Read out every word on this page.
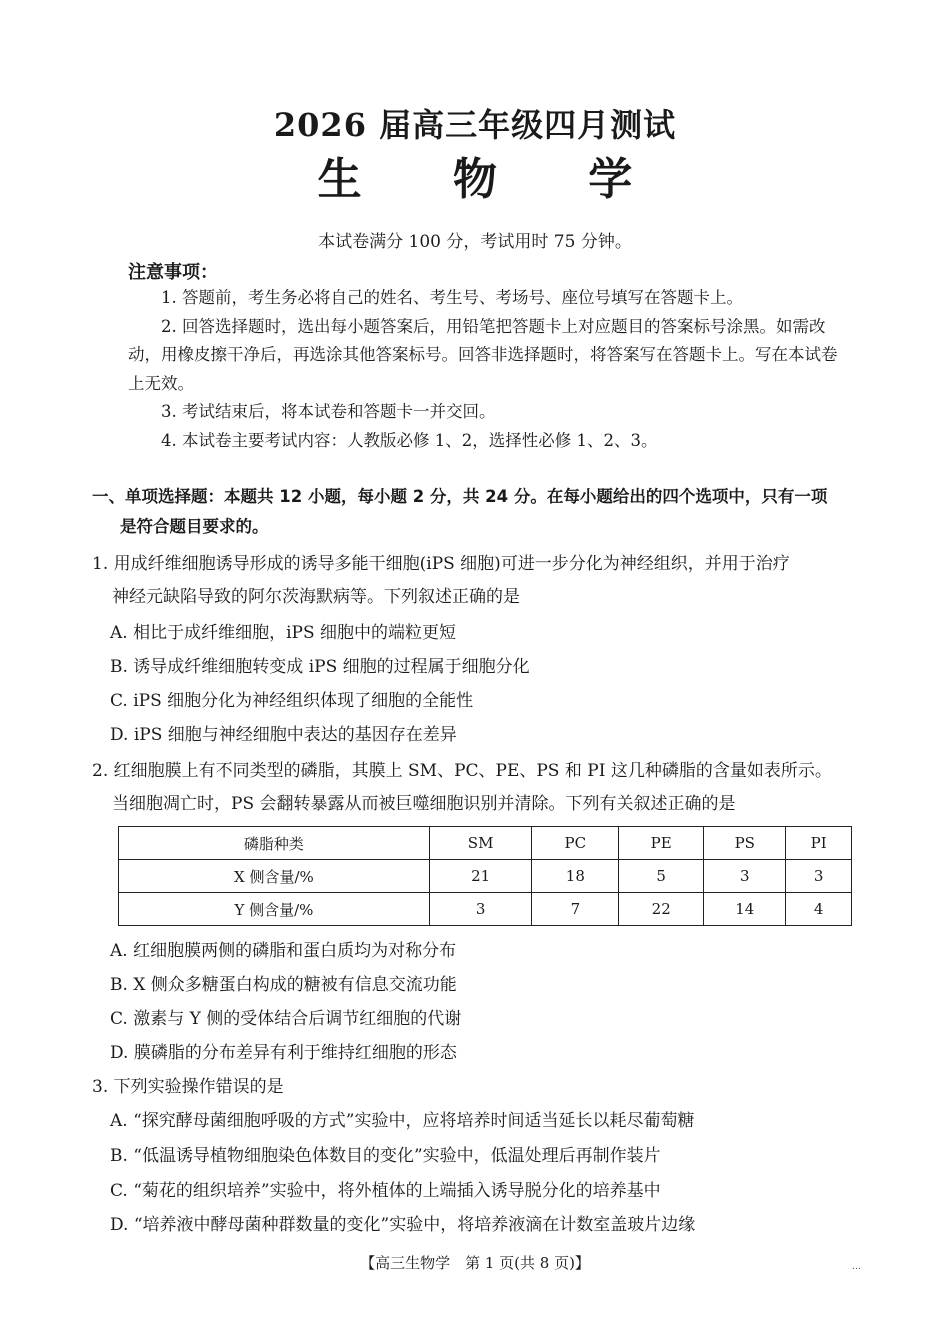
2026 届高三年级四月测试
生 物 学
本试卷满分 100 分，考试用时 75 分钟。
注意事项：

1. 答题前，考生务必将自己的姓名、考生号、考场号、座位号填写在答题卡上。

2. 回答选择题时，选出每小题答案后，用铅笔把答题卡上对应题目的答案标号涂黑。如需改动，用橡皮擦干净后，再选涂其他答案标号。回答非选择题时，将答案写在答题卡上。写在本试卷上无效。

3. 考试结束后，将本试卷和答题卡一并交回。

4. 本试卷主要考试内容：人教版必修 1、2，选择性必修 1、2、3。

一、单项选择题：本题共 12 小题，每小题 2 分，共 24 分。在每小题给出的四个选项中，只有一项
是符合题目要求的。
1. 用成纤维细胞诱导形成的诱导多能干细胞(iPS 细胞)可进一步分化为神经组织，并用于治疗
神经元缺陷导致的阿尔茨海默病等。下列叙述正确的是
A. 相比于成纤维细胞，iPS 细胞中的端粒更短
B. 诱导成纤维细胞转变成 iPS 细胞的过程属于细胞分化
C. iPS 细胞分化为神经组织体现了细胞的全能性
D. iPS 细胞与神经细胞中表达的基因存在差异
2. 红细胞膜上有不同类型的磷脂，其膜上 SM、PC、PE、PS 和 PI 这几种磷脂的含量如表所示。
当细胞凋亡时，PS 会翻转暴露从而被巨噬细胞识别并清除。下列有关叙述正确的是
磷脂种类	SM	PC	PE	PS	PI
X 侧含量/%	21	18	5	3	3
Y 侧含量/%	3	7	22	14	4
A. 红细胞膜两侧的磷脂和蛋白质均为对称分布
B. X 侧众多糖蛋白构成的糖被有信息交流功能
C. 激素与 Y 侧的受体结合后调节红细胞的代谢
D. 膜磷脂的分布差异有利于维持红细胞的形态
3. 下列实验操作错误的是
A. “探究酵母菌细胞呼吸的方式”实验中，应将培养时间适当延长以耗尽葡萄糖
B. “低温诱导植物细胞染色体数目的变化”实验中，低温处理后再制作装片
C. “菊花的组织培养”实验中，将外植体的上端插入诱导脱分化的培养基中
D. “培养液中酵母菌种群数量的变化”实验中，将培养液滴在计数室盖玻片边缘
【高三生物学　第 1 页(共 8 页)】	…
